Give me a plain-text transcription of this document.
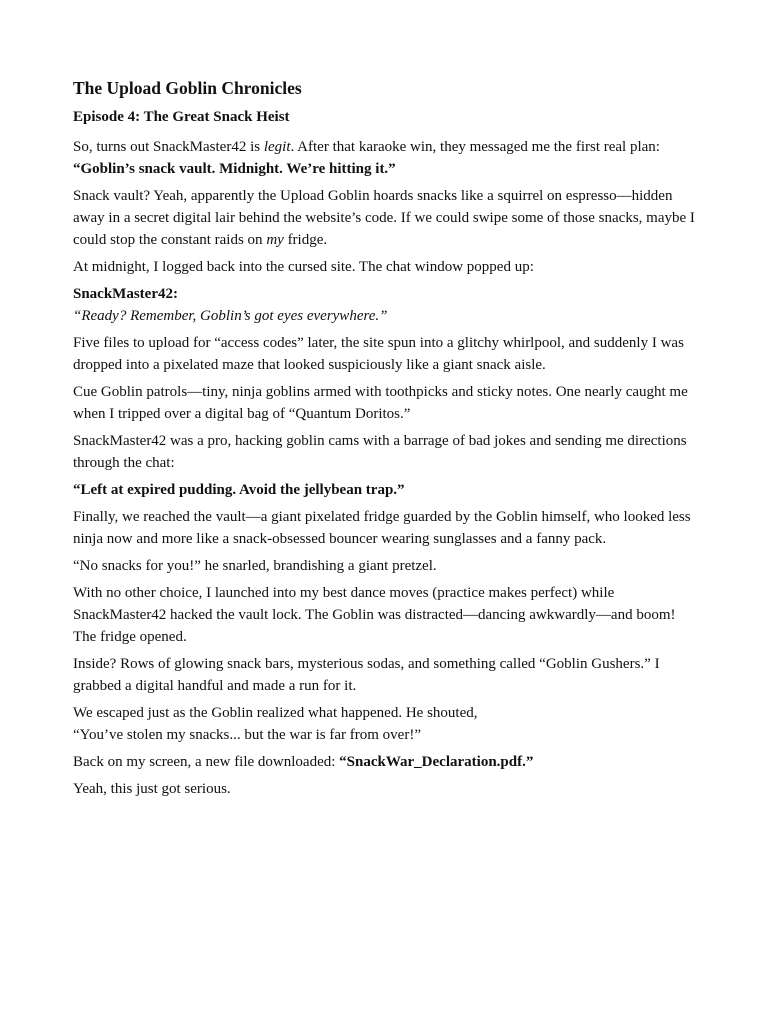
The Upload Goblin Chronicles
Episode 4: The Great Snack Heist

So, turns out SnackMaster42 is legit. After that karaoke win, they messaged me the first real plan:
“Goblin’s snack vault. Midnight. We’re hitting it.”

Snack vault? Yeah, apparently the Upload Goblin hoards snacks like a squirrel on espresso—hidden away in a secret digital lair behind the website’s code. If we could swipe some of those snacks, maybe I could stop the constant raids on my fridge.

At midnight, I logged back into the cursed site. The chat window popped up:

SnackMaster42:
“Ready? Remember, Goblin’s got eyes everywhere.”

Five files to upload for “access codes” later, the site spun into a glitchy whirlpool, and suddenly I was dropped into a pixelated maze that looked suspiciously like a giant snack aisle.

Cue Goblin patrols—tiny, ninja goblins armed with toothpicks and sticky notes. One nearly caught me when I tripped over a digital bag of “Quantum Doritos.”

SnackMaster42 was a pro, hacking goblin cams with a barrage of bad jokes and sending me directions through the chat:

“Left at expired pudding. Avoid the jellybean trap.”

Finally, we reached the vault—a giant pixelated fridge guarded by the Goblin himself, who looked less ninja now and more like a snack-obsessed bouncer wearing sunglasses and a fanny pack.

“No snacks for you!” he snarled, brandishing a giant pretzel.

With no other choice, I launched into my best dance moves (practice makes perfect) while SnackMaster42 hacked the vault lock. The Goblin was distracted—dancing awkwardly—and boom! The fridge opened.

Inside? Rows of glowing snack bars, mysterious sodas, and something called “Goblin Gushers.” I grabbed a digital handful and made a run for it.

We escaped just as the Goblin realized what happened. He shouted,
“You’ve stolen my snacks... but the war is far from over!”

Back on my screen, a new file downloaded: “SnackWar_Declaration.pdf.”

Yeah, this just got serious.
